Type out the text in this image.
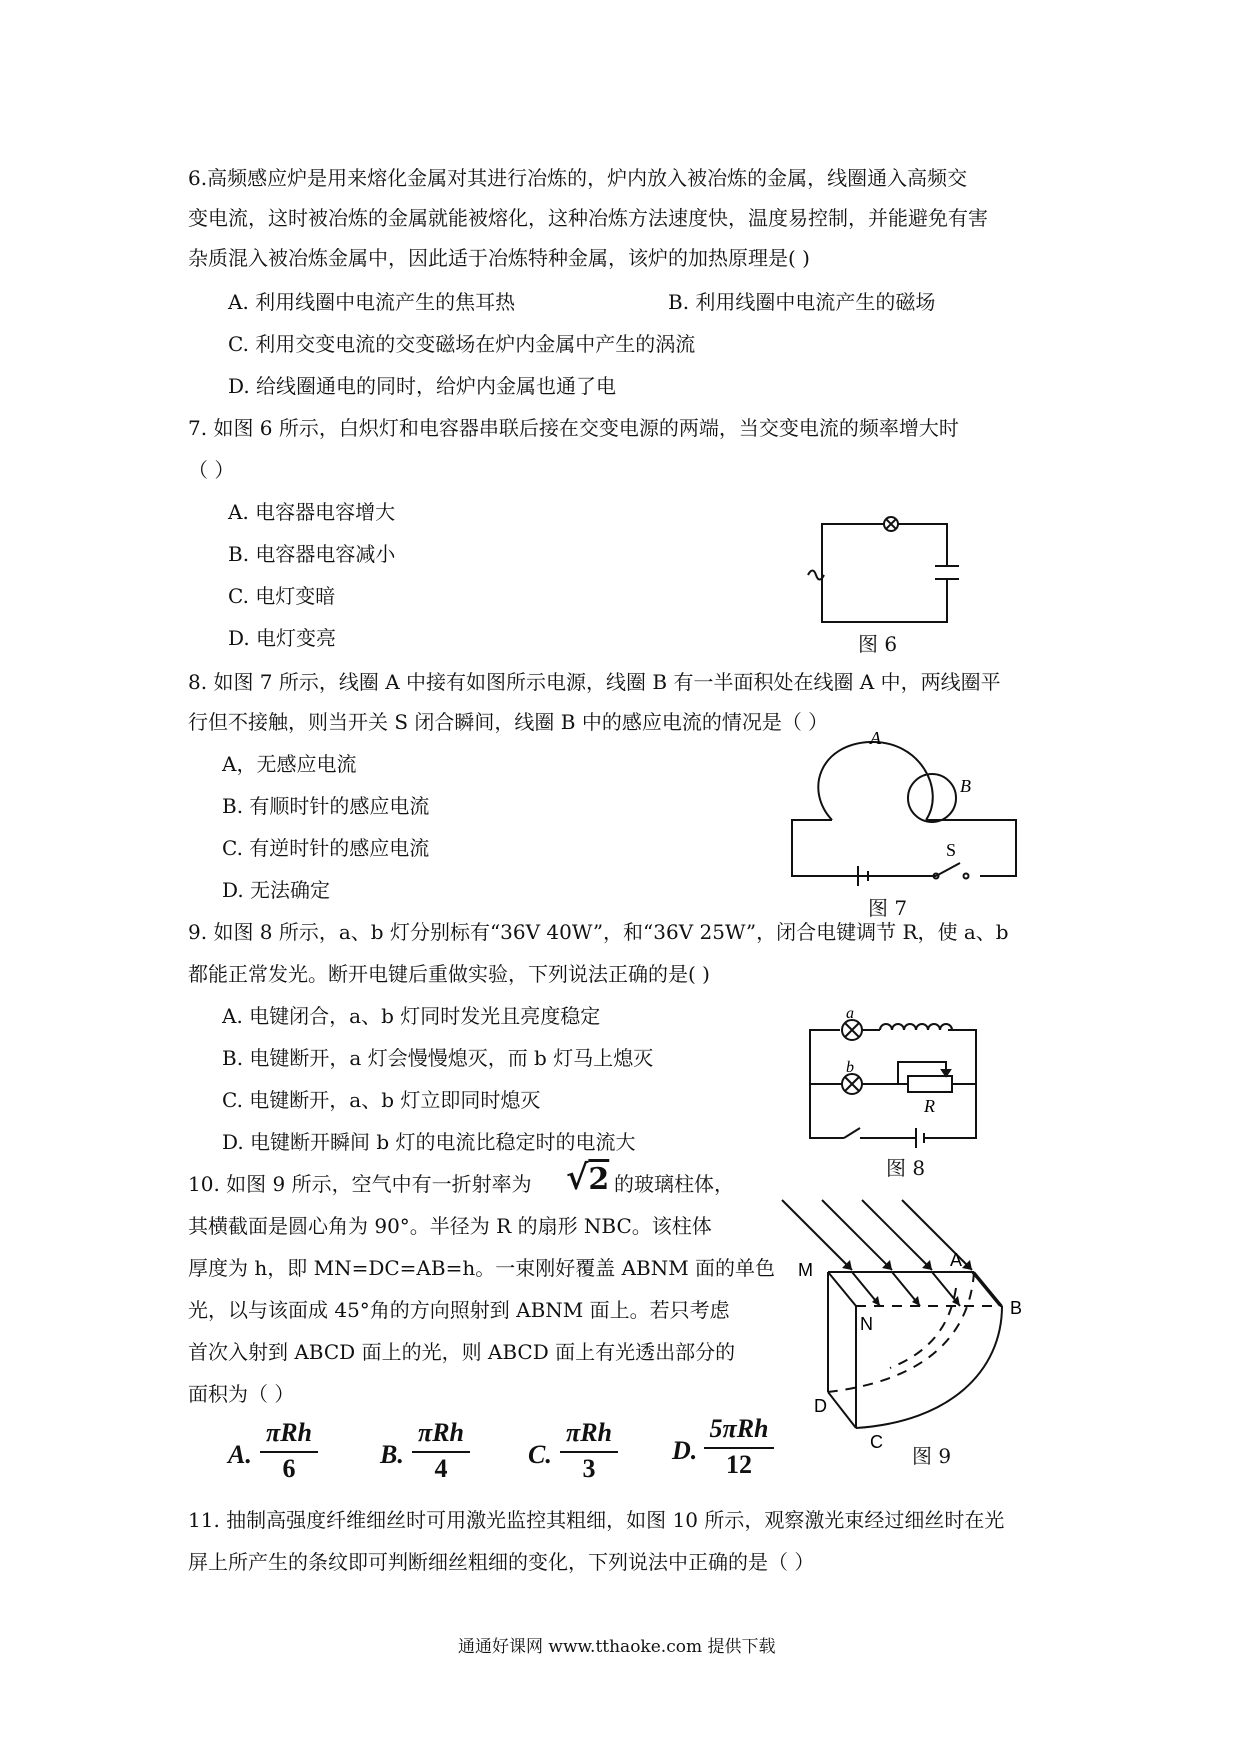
6.高频感应炉是用来熔化金属对其进行冶炼的，炉内放入被冶炼的金属，线圈通入高频交
变电流，这时被冶炼的金属就能被熔化，这种冶炼方法速度快，温度易控制，并能避免有害
杂质混入被冶炼金属中，因此适于冶炼特种金属，该炉的加热原理是( )
A. 利用线圈中电流产生的焦耳热	B. 利用线圈中电流产生的磁场
C. 利用交变电流的交变磁场在炉内金属中产生的涡流
D. 给线圈通电的同时，给炉内金属也通了电
7. 如图 6 所示，白炽灯和电容器串联后接在交变电源的两端，当交变电流的频率增大时
（ ）
A. 电容器电容增大
B. 电容器电容减小
C. 电灯变暗
D. 电灯变亮	图 6
8. 如图 7 所示，线圈 A 中接有如图所示电源，线圈 B 有一半面积处在线圈 A 中，两线圈平
行但不接触，则当开关 S 闭合瞬间，线圈 B 中的感应电流的情况是（ ）
A，无感应电流
B. 有顺时针的感应电流
C. 有逆时针的感应电流
D. 无法确定
A
B
S
图 7
9. 如图 8 所示，a、b 灯分别标有“36V 40W”，和“36V 25W”，闭合电键调节 R，使 a、b
都能正常发光。断开电键后重做实验，下列说法正确的是( )
A. 电键闭合，a、b 灯同时发光且亮度稳定
B. 电键断开，a 灯会慢慢熄灭，而 b 灯马上熄灭
C. 电键断开，a、b 灯立即同时熄灭
D. 电键断开瞬间 b 灯的电流比稳定时的电流大
a
b
R
图 8
10. 如图 9 所示，空气中有一折射率为 √2 的玻璃柱体，
其横截面是圆心角为 90°。半径为 R 的扇形 NBC。该柱体
厚度为 h，即 MN=DC=AB=h。一束刚好覆盖 ABNM 面的单色
光，以与该面成 45°角的方向照射到 ABNM 面上。若只考虑
首次入射到 ABCD 面上的光，则 ABCD 面上有光透出部分的
面积为（ ）
A.
πRh
6	B.
πRh
4	C.
πRh
3
D.
5πRh
12
M
N
A
B
D
C
图 9
11. 抽制高强度纤维细丝时可用激光监控其粗细，如图 10 所示，观察激光束经过细丝时在光
屏上所产生的条纹即可判断细丝粗细的变化，下列说法中正确的是（ ）
通通好课网 www.tthaoke.com 提供下载
